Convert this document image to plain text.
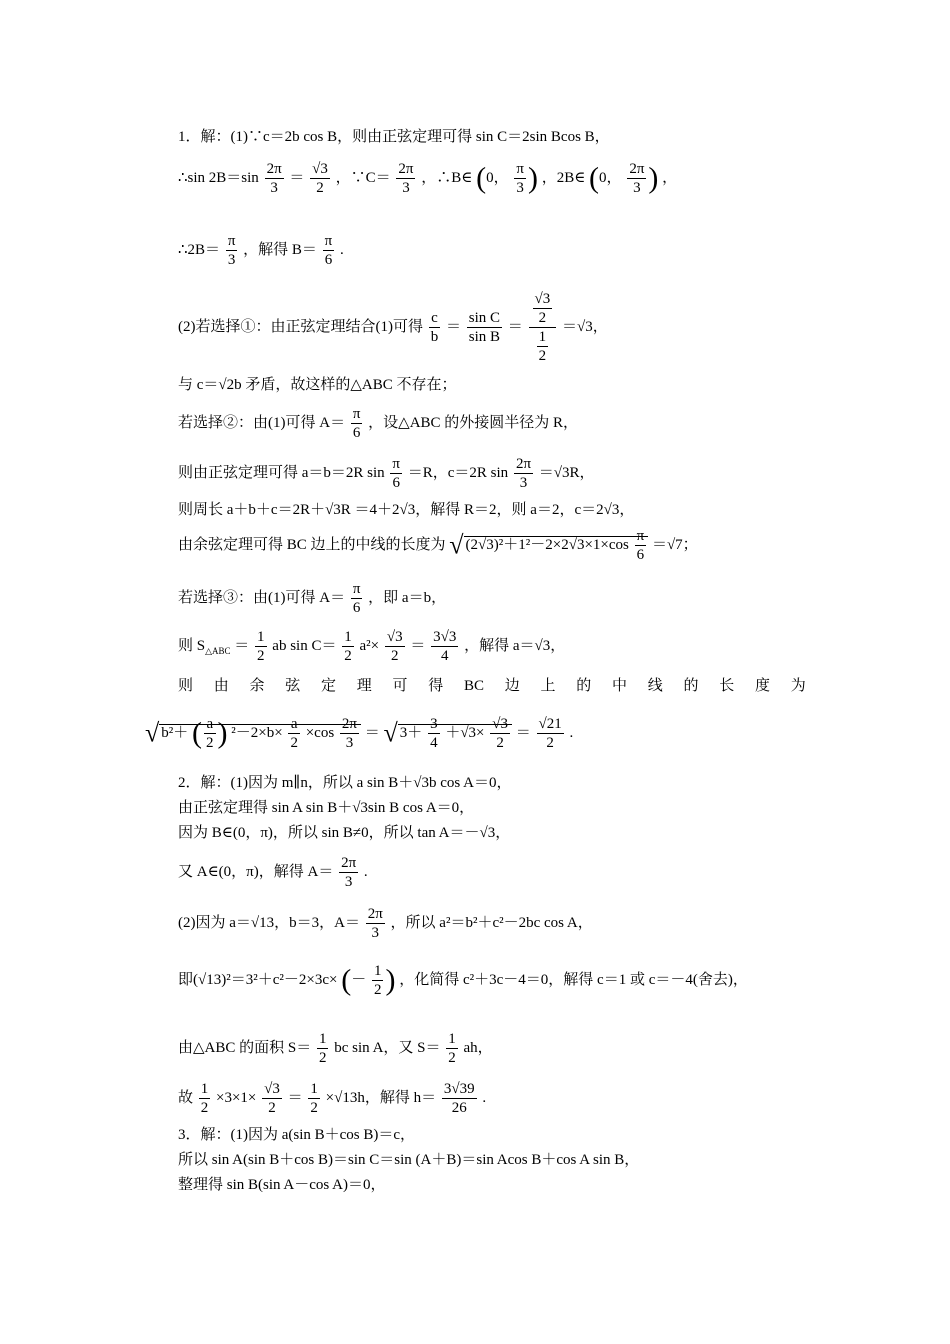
1．解：(1)∵c＝2b cos B，则由正弦定理可得 sin C＝2sin Bcos B，
∴sin $2B=\sin \frac{2\pi}{3} = \frac{√3}{2}$ ，∵C＝ $\frac{2\pi}{3}$ ，∴B∈ (0， $\frac{\pi}{3}$ ) ，2B∈ (0， $\frac{2\pi}{3}$ ) ，
∴2B＝ $\frac{\pi}{3}$ ，解得 $B= \frac{\pi}{6}$ .
(2)若选择①：由正弦定理结合(1)可得 $\frac{c}{b} = \frac{\text{sin C}}{\text{sin B}} = \frac{\frac{√3}{2}}{\frac{1}{2}} =√3$，
与 c＝√2b 矛盾，故这样的△ABC 不存在；
若选择②：由(1)可得 $A= \frac{\pi}{6}$ ，设△ABC 的外接圆半径为 R，
则由正弦定理可得 a＝b＝2R $\sin \frac{\pi}{6} =R$，c＝2R $\sin \frac{2\pi}{3} =√3R$，
则周长 a＋b＋c＝2R＋√3R ＝4＋2√3，解得 R＝2，则 a＝2，c＝2√3，
由余弦定理可得 BC 边上的中线的长度为 √ $(2√3)^2+1^2-2\times 2√3\times 1\times\cos \frac{\pi}{6} =√7$；
若选择③：由(1)可得 $A= \frac{\pi}{6}$ ，即 a＝b，
则 $S_{\triangle ABC} = \frac{1}{2}$ ab $\sin C= \frac{1}{2} a^2\times \frac{√3}{2} = \frac{3√3}{4}$ ，解得 a＝√3，
则 由 余 弦 定 理 可 得 BC 边 上 的 中 线 的 长 度 为
√ b²＋ ( $\frac{a}{2}$ ) $^2-2\times b\times \frac{a}{2} \times\cos \frac{2\pi}{3}$ ＝ √ $3+ \frac{3}{4} +√3\times \frac{√3}{2} = \frac{√21}{2}$ .
2．解：(1)因为 m∥n，所以 a sin B＋√3b cos A＝0，
由正弦定理得 sin A sin B＋√3sin B cos A＝0，
因为 B∈(0，π)，所以 sin B≠0，所以 tan A＝－√3，
又 A∈(0，π)，解得 $A= \frac{2\pi}{3}$ .
(2)因为 a＝√13，b＝3，$A= \frac{2\pi}{3}$ ，所以 a²＝b²＋c²－2bc cos A，
即(√13)²＝3²＋c²－2×3c× (－ $\frac{1}{2}$ ) ，化简得 c²＋3c－4＝0，解得 c＝1 或 c＝－4(舍去)，
由△ABC 的面积 $S= \frac{1}{2}$ bc sin A，又 $S= \frac{1}{2}$ ah，
故 $\frac{1}{2} \times 3\times 1\times \frac{√3}{2} = \frac{1}{2} \times√13h$，解得 $h= \frac{3√39}{26}$ .
3．解：(1)因为 a(sin B＋cos B)＝c，
所以 sin A(sin B＋cos B)＝sin C＝sin (A＋B)＝sin Acos B＋cos A sin B，
整理得 sin B(sin A－cos A)＝0，
